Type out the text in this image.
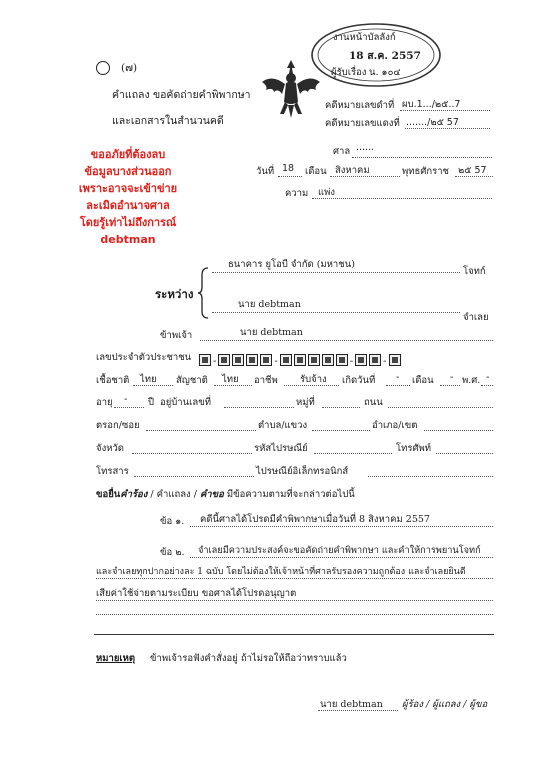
(๗)
คำแถลง ขอคัดถ่ายคำพิพากษา
และเอกสารในสำนวนคดี
งานหน้าบัลลังก์
18 ส.ค. 2557
ผู้รับเรื่อง น. ๑๐๔
คดีหมายเลขดำที่ ผบ.1.../๒๕..7
คดีหมายเลขแดงที่ ......./๒๕ 57
ศาล ......
วันที่ 18 เดือน สิงหาคม	พุทธศักราช ๒๕ 57
ความ แพ่ง
ขออภัยที่ต้องลบ
ข้อมูลบางส่วนออก
เพราะอาจจะเข้าข่าย
ละเมิดอำนาจศาล
โดยรู้เท่าไม่ถึงการณ์
debtman
ระหว่าง
ธนาคาร ยูโอบี จำกัด (มหาชน)
โจทก์
นาย debtman
จำเลย
ข้าพเจ้า	นาย debtman
เลขประจำตัวประชาชน	-	-	-	-
เชื้อชาติ ไทย สัญชาติ ไทย อาชีพ รับจ้าง เกิดวันที่ - เดือน - พ.ศ. -
อายุ - ปี อยู่บ้านเลขที่	หมู่ที่	ถนน
ตรอก/ซอย	ตำบล/แขวง	อำเภอ/เขต
จังหวัด	รหัสไปรษณีย์	โทรศัพท์
โทรสาร	ไปรษณีย์อิเล็กทรอนิกส์
ขอยื่นคำร้อง / คำแถลง / คำขอ มีข้อความตามที่จะกล่าวต่อไปนี้
ข้อ ๑. คดีนี้ศาลได้โปรดมีคำพิพากษาเมื่อวันที่ 8 สิงหาคม 2557
ข้อ ๒. จำเลยมีความประสงค์จะขอคัดถ่ายคำพิพากษา และคำให้การพยานโจทก์
และจำเลยทุกปากอย่างละ 1 ฉบับ โดยไม่ต้องให้เจ้าหน้าที่ศาลรับรองความถูกต้อง และจำเลยยินดี
เสียค่าใช้จ่ายตามระเบียบ ขอศาลได้โปรดอนุญาต
หมายเหตุ ข้าพเจ้ารอฟังคำสั่งอยู่ ถ้าไม่รอให้ถือว่าทราบแล้ว
นาย debtman ผู้ร้อง / ผู้แถลง / ผู้ขอ
